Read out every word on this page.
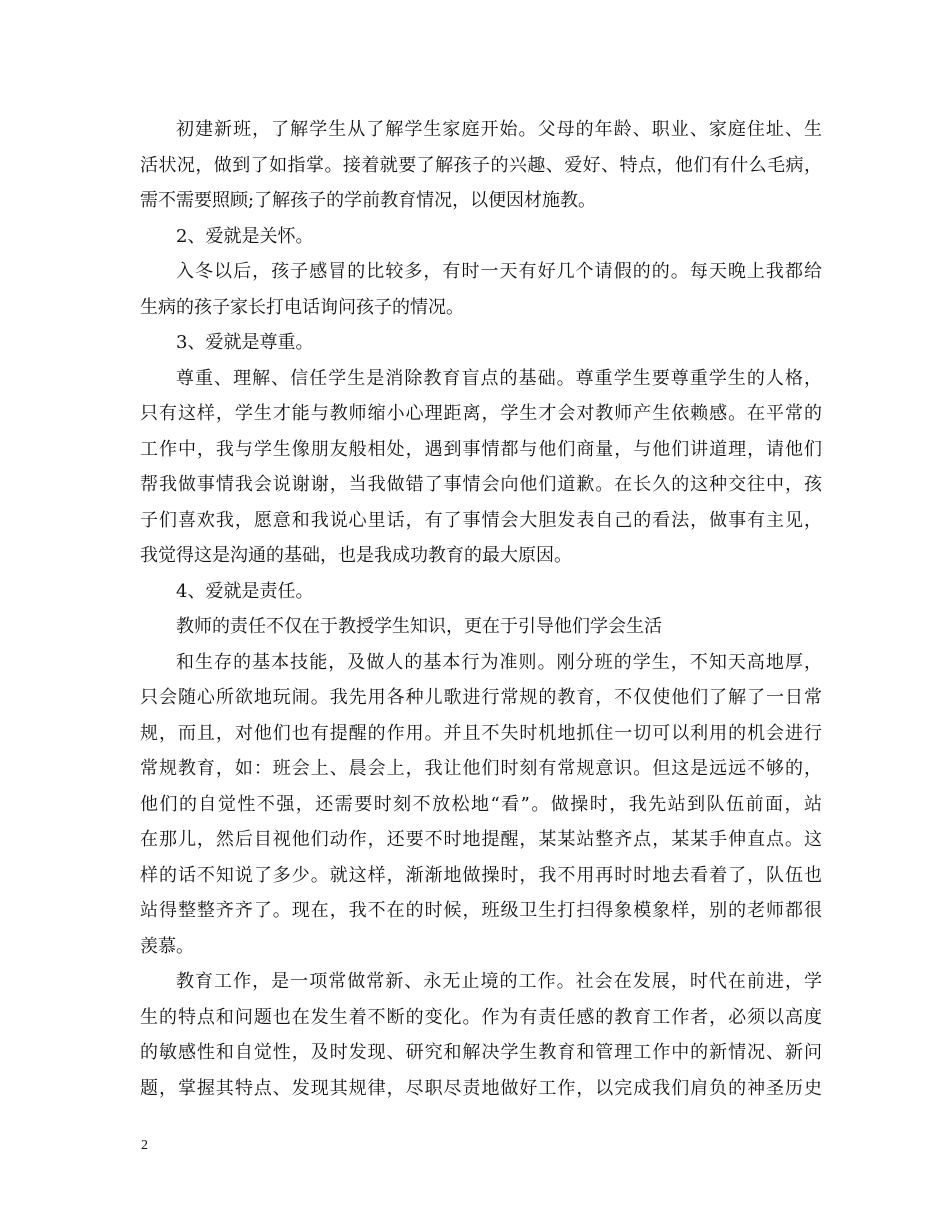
初建新班，了解学生从了解学生家庭开始。父母的年龄、职业、家庭住址、生
活状况，做到了如指掌。接着就要了解孩子的兴趣、爱好、特点，他们有什么毛病，
需不需要照顾;了解孩子的学前教育情况，以便因材施教。
2、爱就是关怀。
入冬以后，孩子感冒的比较多，有时一天有好几个请假的的。每天晚上我都给
生病的孩子家长打电话询问孩子的情况。
3、爱就是尊重。
尊重、理解、信任学生是消除教育盲点的基础。尊重学生要尊重学生的人格，
只有这样，学生才能与教师缩小心理距离，学生才会对教师产生依赖感。在平常的
工作中，我与学生像朋友般相处，遇到事情都与他们商量，与他们讲道理，请他们
帮我做事情我会说谢谢，当我做错了事情会向他们道歉。在长久的这种交往中，孩
子们喜欢我，愿意和我说心里话，有了事情会大胆发表自己的看法，做事有主见，
我觉得这是沟通的基础，也是我成功教育的最大原因。
4、爱就是责任。
教师的责任不仅在于教授学生知识，更在于引导他们学会生活
和生存的基本技能，及做人的基本行为准则。刚分班的学生，不知天高地厚，
只会随心所欲地玩闹。我先用各种儿歌进行常规的教育，不仅使他们了解了一日常
规，而且，对他们也有提醒的作用。并且不失时机地抓住一切可以利用的机会进行
常规教育，如：班会上、晨会上，我让他们时刻有常规意识。但这是远远不够的，
他们的自觉性不强，还需要时刻不放松地“看”。做操时，我先站到队伍前面，站
在那儿，然后目视他们动作，还要不时地提醒，某某站整齐点，某某手伸直点。这
样的话不知说了多少。就这样，渐渐地做操时，我不用再时时地去看着了，队伍也
站得整整齐齐了。现在，我不在的时候，班级卫生打扫得象模象样，别的老师都很
羡慕。
教育工作，是一项常做常新、永无止境的工作。社会在发展，时代在前进，学
生的特点和问题也在发生着不断的变化。作为有责任感的教育工作者，必须以高度
的敏感性和自觉性，及时发现、研究和解决学生教育和管理工作中的新情况、新问
题，掌握其特点、发现其规律，尽职尽责地做好工作，以完成我们肩负的神圣历史
2
